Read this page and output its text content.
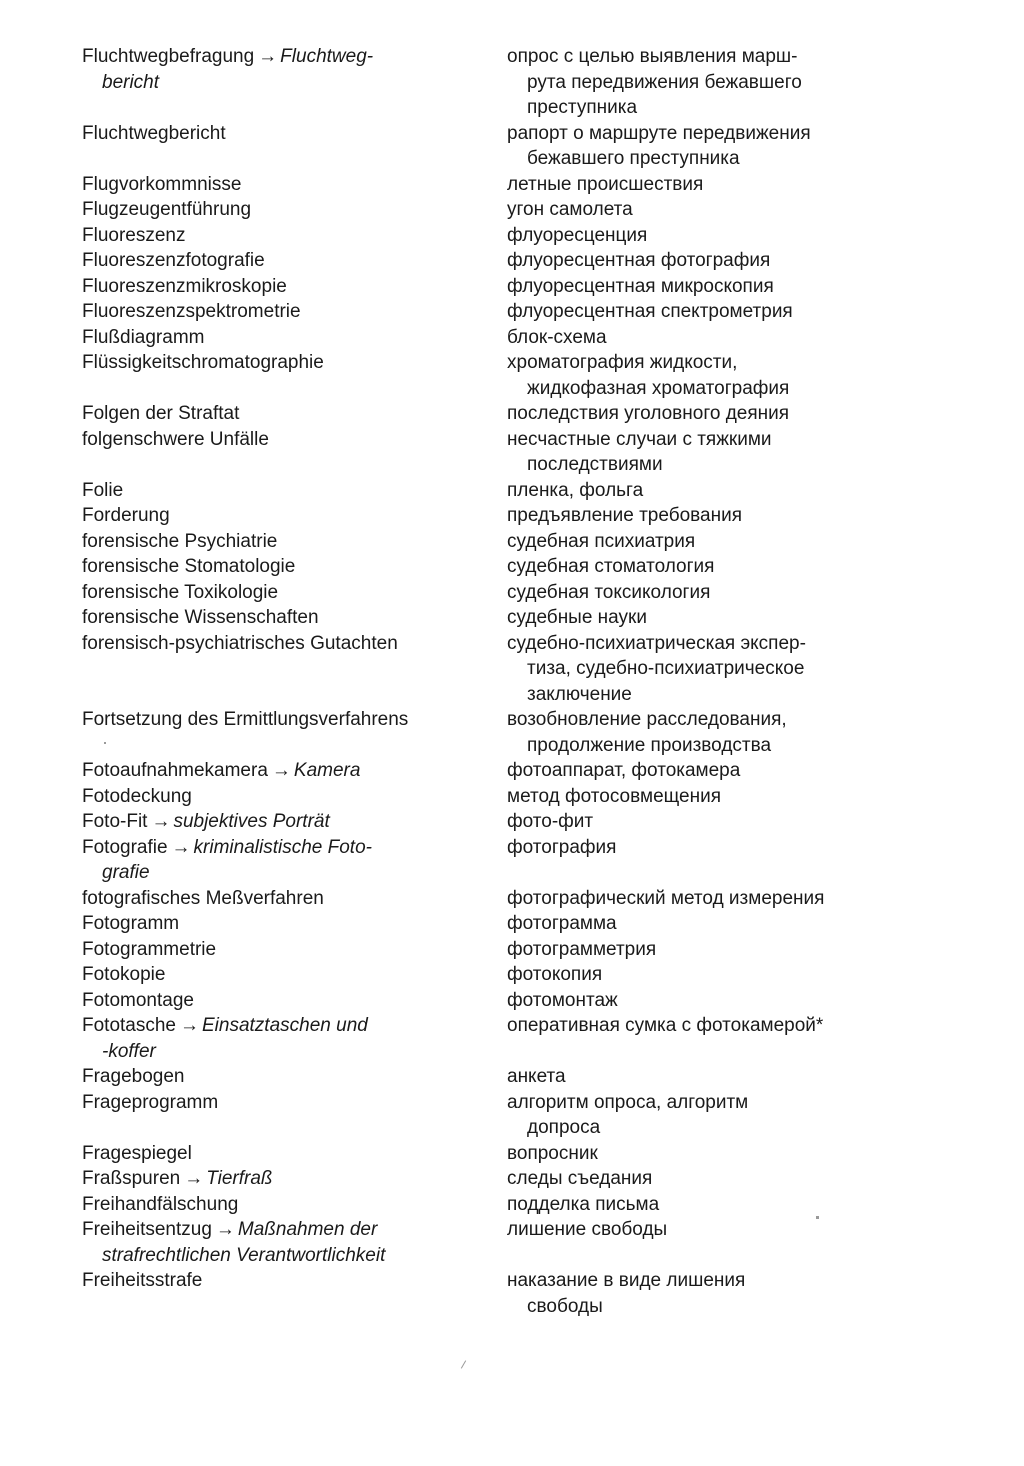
Fluchtwegbefragung → Fluchtweg-
bericht
Fluchtwegbericht
Flugvorkommnisse
Flugzeugentführung
Fluoreszenz
Fluoreszenzfotografie
Fluoreszenzmikroskopie
Fluoreszenzspektrometrie
Flußdiagramm
Flüssigkeitschromatographie
Folgen der Straftat
folgenschwere Unfälle
Folie
Forderung
forensische Psychiatrie
forensische Stomatologie
forensische Toxikologie
forensische Wissenschaften
forensisch-psychiatrisches Gutachten
Fortsetzung des Ermittlungsverfahrens
Fotoaufnahmekamera → Kamera
Fotodeckung
Foto-Fit → subjektives Porträt
Fotografie → kriminalistische Foto-
grafie
fotografisches Meßverfahren
Fotogramm
Fotogrammetrie
Fotokopie
Fotomontage
Fototasche → Einsatztaschen und
-koffer
Fragebogen
Frageprogramm
Fragespiegel
Fraßspuren → Tierfraß
Freihandfälschung
Freiheitsentzug → Maßnahmen der
strafrechtlichen Verantwortlichkeit
Freiheitsstrafe
опрос с целью выявления марш-
рута передвижения бежавшего
преступника
рапорт о маршруте передвижения
бежавшего преступника
летные происшествия
угон самолета
флуоресценция
флуоресцентная фотография
флуоресцентная микроскопия
флуоресцентная спектрометрия
блок-схема
хроматография жидкости,
жидкофазная хроматография
последствия уголовного деяния
несчастные случаи с тяжкими
последствиями
пленка, фольга
предъявление требования
судебная психиатрия
судебная стоматология
судебная токсикология
судебные науки
судебно-психиатрическая экспер-
тиза, судебно-психиатрическое
заключение
возобновление расследования,
продолжение производства
фотоаппарат, фотокамера
метод фотосовмещения
фото-фит
фотография
фотографический метод измерения
фотограмма
фотограмметрия
фотокопия
фотомонтаж
оперативная сумка с фотокамерой*
анкета
алгоритм опроса, алгоритм
допроса
вопросник
следы съедания
подделка письма
лишение свободы
наказание в виде лишения
свободы
